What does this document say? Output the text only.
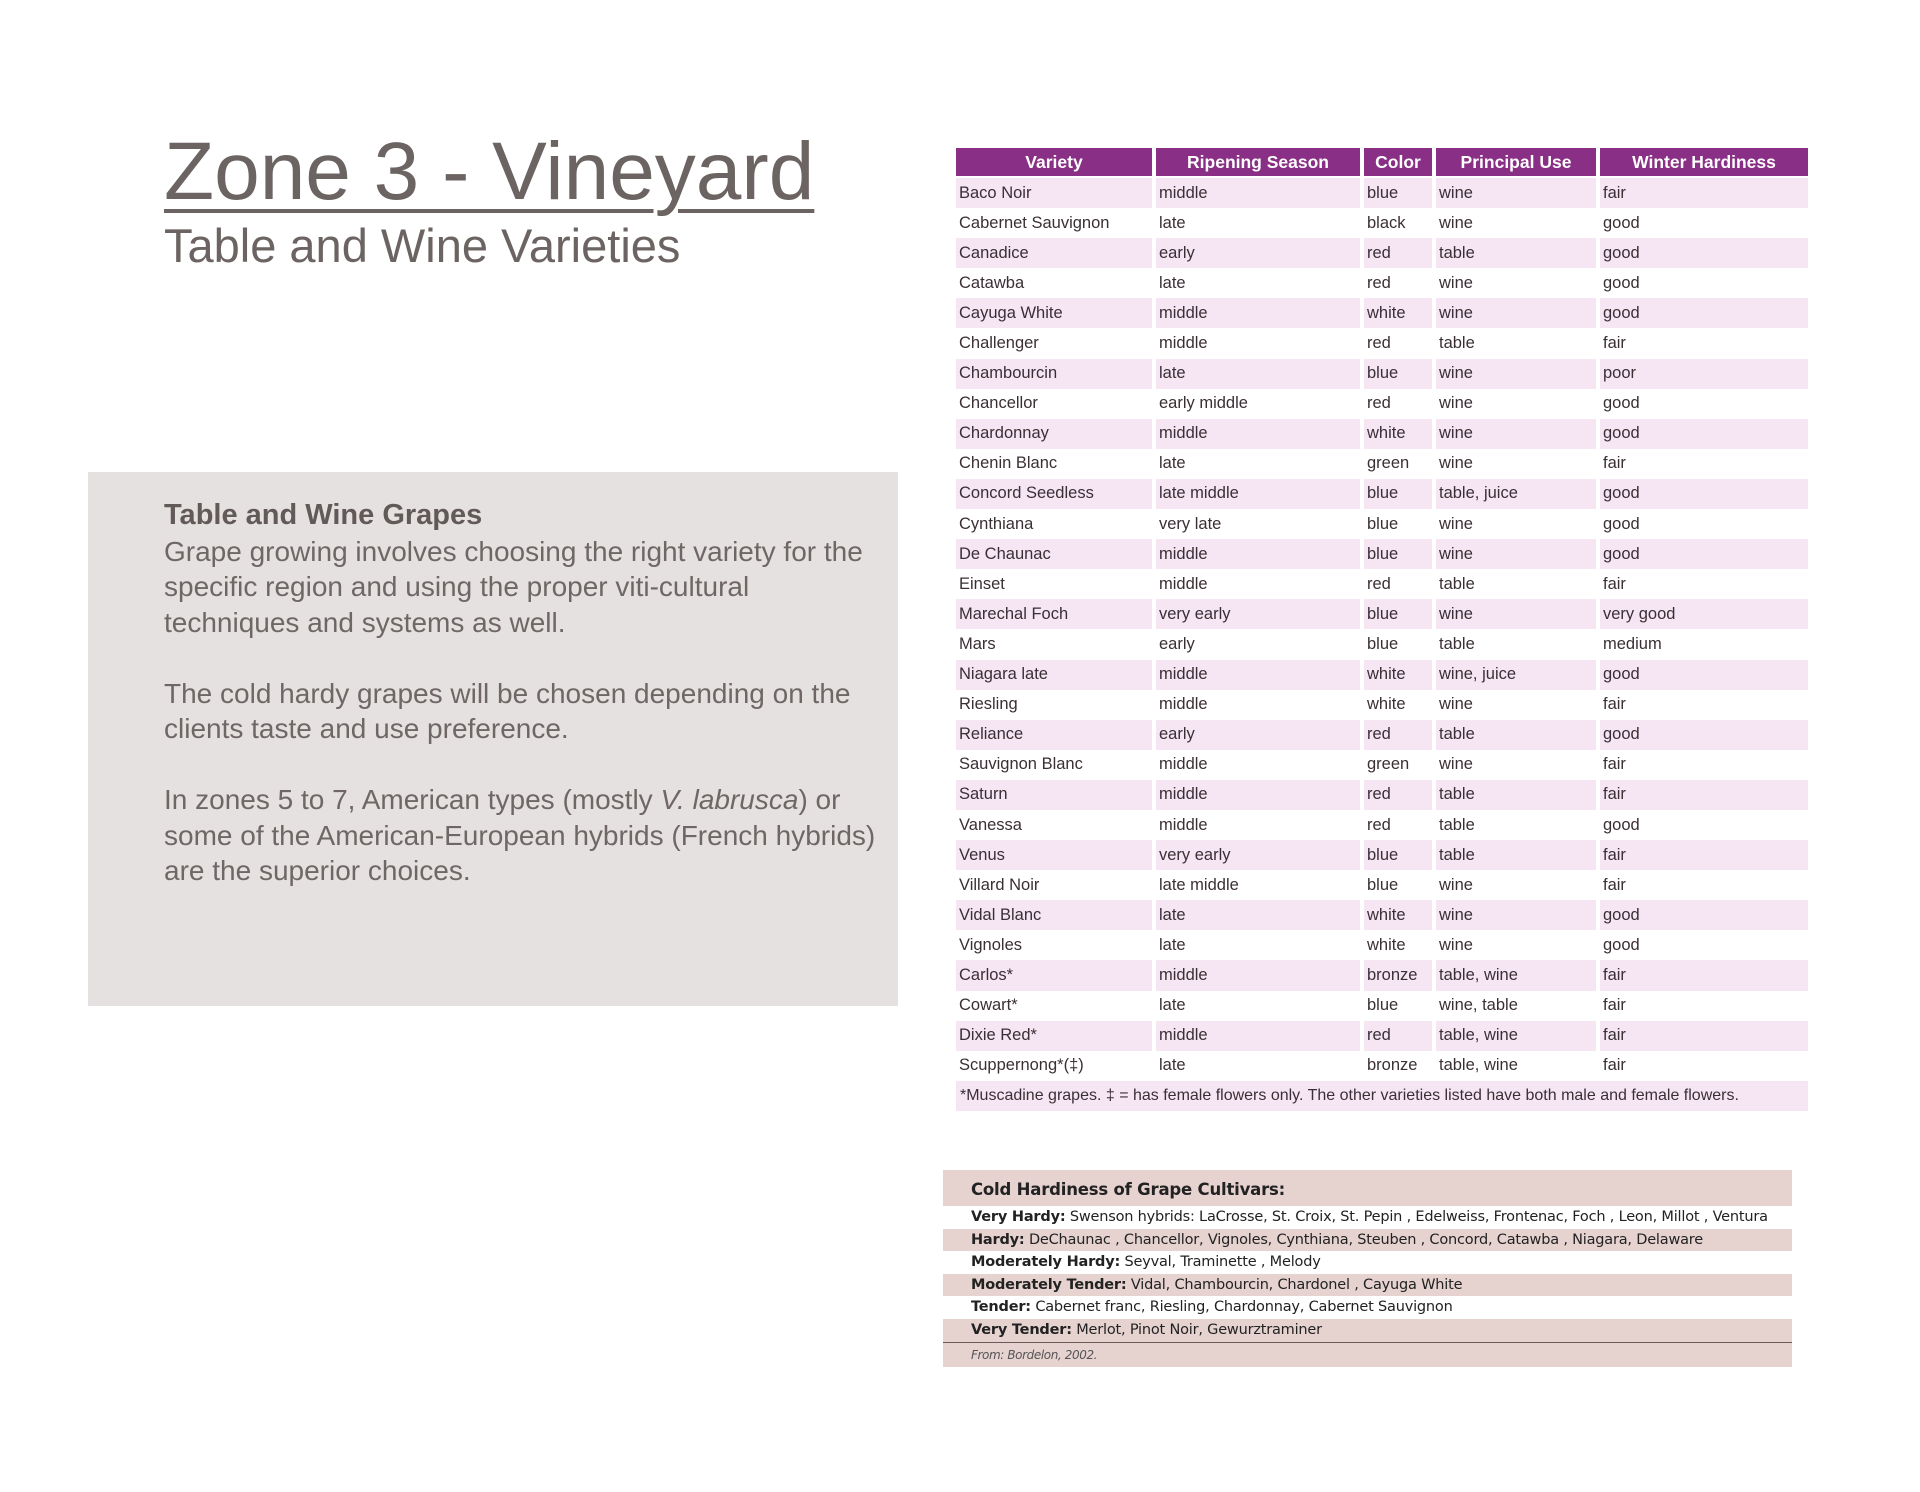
Zone 3 - Vineyard
Table and Wine Varieties
Table and Wine Grapes

Grape growing involves choosing the right variety for the specific region and using the proper viti-cultural techniques and systems as well.

The cold hardy grapes will be chosen depending on the clients taste and use preference.

In zones 5 to 7, American types (mostly V. labrusca) or some of the American-European hybrids (French hybrids) are the superior choices.

Variety	Ripening Season	Color	Principal Use	Winter Hardiness
Baco Noir	middle	blue	wine	fair
Cabernet Sauvignon	late	black	wine	good
Canadice	early	red	table	good
Catawba	late	red	wine	good
Cayuga White	middle	white	wine	good
Challenger	middle	red	table	fair
Chambourcin	late	blue	wine	poor
Chancellor	early middle	red	wine	good
Chardonnay	middle	white	wine	good
Chenin Blanc	late	green	wine	fair
Concord Seedless	late middle	blue	table, juice	good
Cynthiana	very late	blue	wine	good
De Chaunac	middle	blue	wine	good
Einset	middle	red	table	fair
Marechal Foch	very early	blue	wine	very good
Mars	early	blue	table	medium
Niagara late	middle	white	wine, juice	good
Riesling	middle	white	wine	fair
Reliance	early	red	table	good
Sauvignon Blanc	middle	green	wine	fair
Saturn	middle	red	table	fair
Vanessa	middle	red	table	good
Venus	very early	blue	table	fair
Villard Noir	late middle	blue	wine	fair
Vidal Blanc	late	white	wine	good
Vignoles	late	white	wine	good
Carlos*	middle	bronze	table, wine	fair
Cowart*	late	blue	wine, table	fair
Dixie Red*	middle	red	table, wine	fair
Scuppernong*(‡)	late	bronze	table, wine	fair
*Muscadine grapes. ‡ = has female flowers only. The other varieties listed have both male and female flowers.				
Cold Hardiness of Grape Cultivars:
Very Hardy: Swenson hybrids: LaCrosse, St. Croix, St. Pepin , Edelweiss, Frontenac, Foch , Leon, Millot , Ventura
Hardy: DeChaunac , Chancellor, Vignoles, Cynthiana, Steuben , Concord, Catawba , Niagara, Delaware
Moderately Hardy: Seyval, Traminette , Melody
Moderately Tender: Vidal, Chambourcin, Chardonel , Cayuga White
Tender: Cabernet franc, Riesling, Chardonnay, Cabernet Sauvignon
Very Tender: Merlot, Pinot Noir, Gewurztraminer
From: Bordelon, 2002.
